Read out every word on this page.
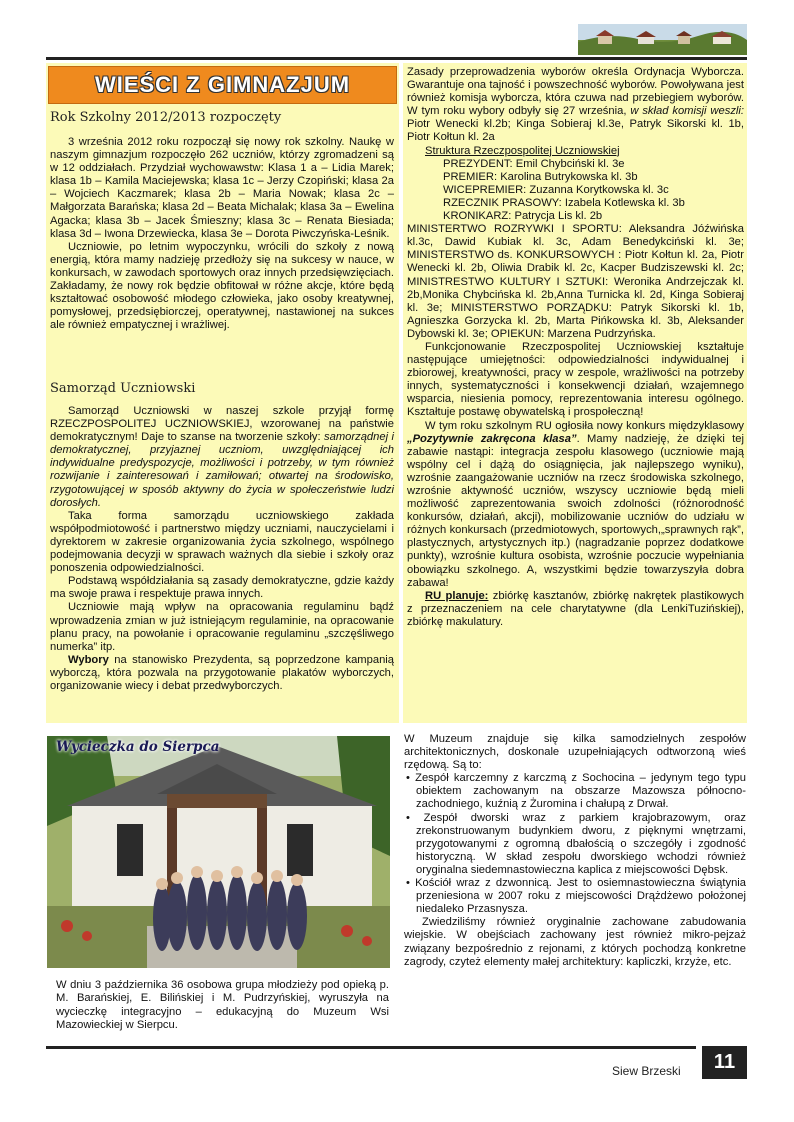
WIEŚCI Z GIMNAZJUM
Rok Szkolny 2012/2013 rozpoczęty

3 września 2012 roku rozpoczął się nowy rok szkolny. Naukę w naszym gimnazjum rozpoczęło 262 uczniów, którzy zgromadzeni są w 12 oddziałach. Przydział wychowawstw: Klasa 1 a – Lidia Marek; klasa 1b – Kamila Maciejewska; klasa 1c – Jerzy Czopiński; klasa 2a – Wojciech Kaczmarek; klasa 2b – Maria Nowak; klasa 2c – Małgorzata Barańska; klasa 2d – Beata Michalak; klasa 3a – Ewelina Agacka; klasa 3b – Jacek Śmieszny; klasa 3c – Renata Biesiada; klasa 3d – Iwona Drzewiecka, klasa 3e – Dorota Piwczyńska-Leśnik.

Uczniowie, po letnim wypoczynku, wrócili do szkoły z nową energią, która mamy nadzieję przedłoży się na sukcesy w nauce, w konkursach, w zawodach sportowych oraz innych przedsięwzięciach. Zakładamy, że nowy rok będzie obfitował w różne akcje, które będą kształtować osobowość młodego człowieka, jako osoby kreatywnej, pomysłowej, przedsiębiorczej, operatywnej, nastawionej na sukces ale również empatycznej i wrażliwej.

Samorząd Uczniowski

Samorząd Uczniowski w naszej szkole przyjął formę RZECZPOSPOLITEJ UCZNIOWSKIEJ, wzorowanej na państwie demokratycznym! Daje to szanse na tworzenie szkoły: samorządnej i demokratycznej, przyjaznej uczniom, uwzględniającej ich indywidualne predyspozycje, możliwości i potrzeby, w tym również rozwijanie i zainteresowań i zamiłowań; otwartej na środowisko, rzygotowującej w sposób aktywny do życia w społeczeństwie ludzi dorosłych.

Taka forma samorządu uczniowskiego zakłada współpodmiotowość i partnerstwo między uczniami, nauczycielami i dyrektorem w zakresie organizowania życia szkolnego, wspólnego podejmowania decyzji w sprawach ważnych dla siebie i szkoły oraz ponoszenia odpowiedzialności.

Podstawą współdziałania są zasady demokratyczne, gdzie każdy ma swoje prawa i respektuje prawa innych.

Uczniowie mają wpływ na opracowania regulaminu bądź wprowadzenia zmian w już istniejącym regulaminie, na opracowanie planu pracy, na powołanie i opracowanie regulaminu „szczęśliwego numerka” itp.

Wybory na stanowisko Prezydenta, są poprzedzone kampanią wyborczą, która pozwala na przygotowanie plakatów wyborczych, organizowanie wiecy i debat przedwyborczych.

Zasady przeprowadzenia wyborów określa Ordynacja Wyborcza. Gwarantuje ona tajność i powszechność wyborów. Powoływana jest również komisja wyborcza, która czuwa nad przebiegiem wyborów. W tym roku wybory odbyły się 27 września, w skład komisji weszli: Piotr Wenecki kl.2b; Kinga Sobieraj kl.3e, Patryk Sikorski kl. 1b, Piotr Kołtun kl. 2a

Struktura Rzeczpospolitej Uczniowskiej

PREZYDENT: Emil Chybciński kl. 3e

PREMIER: Karolina Butrykowska kl. 3b

WICEPREMIER: Zuzanna Korytkowska kl. 3c

RZECZNIK PRASOWY: Izabela Kotlewska kl. 3b

KRONIKARZ: Patrycja Lis kl. 2b

MINISTERTWO ROZRYWKI I SPORTU: Aleksandra Jóźwińska kl.3c, Dawid Kubiak kl. 3c, Adam Benedykciński kl. 3e; MINISTERSTWO ds. KONKURSOWYCH : Piotr Kołtun kl. 2a, Piotr Wenecki kl. 2b, Oliwia Drabik kl. 2c, Kacper Budziszewski kl. 2c; MINISTRESTWO KULTURY I SZTUKI: Weronika Andrzejczak kl. 2b,Monika Chybcińska kl. 2b,Anna Turnicka kl. 2d, Kinga Sobieraj kl. 3e; MINISTERSTWO PORZĄDKU: Patryk Sikorski kl. 1b, Agnieszka Gorzycka kl. 2b, Marta Pińkowska kl. 3b, Aleksander Dybowski kl. 3e; OPIEKUN: Marzena Pudrzyńska.

Funkcjonowanie Rzeczpospolitej Uczniowskiej kształtuje następujące umiejętności: odpowiedzialności indywidualnej i zbiorowej, kreatywności, pracy w zespole, wrażliwości na potrzeby innych, systematyczności i konsekwencji działań, wzajemnego wsparcia, niesienia pomocy, reprezentowania interesu ogólnego. Kształtuje postawę obywatelską i prospołeczną!

W tym roku szkolnym RU ogłosiła nowy konkurs międzyklasowy „Pozytywnie zakręcona klasa”. Mamy nadzieję, że dzięki tej zabawie nastąpi: integracja zespołu klasowego (uczniowie mają wspólny cel i dążą do osiągnięcia, jak najlepszego wyniku), wzrośnie zaangażowanie uczniów na rzecz środowiska szkolnego, wzrośnie aktywność uczniów, wszyscy uczniowie będą mieli możliwość zaprezentowania swoich zdolności (różnorodność konkursów, działań, akcji), mobilizowanie uczniów do udziału w różnych konkursach (przedmiotowych, sportowych,„sprawnych rąk”, plastycznych, artystycznych itp.) (nagradzanie poprzez dodatkowe punkty), wzrośnie kultura osobista, wzrośnie poczucie wypełniania obowiązku szkolnego. A, wszystkimi będzie towarzyszyła dobra zabawa!

RU planuje: zbiórkę kasztanów, zbiórkę nakrętek plastikowych z przeznaczeniem na cele charytatywne (dla LenkiTuzińskiej), zbiórkę makulatury.

Wycieczka do Sierpca
W dniu 3 października 36 osobowa grupa młodzieży pod opieką p. M. Barańskiej, E. Bilińskiej i M. Pudrzyńskiej, wyruszyła na wycieczkę integracyjno – edukacyjną do Muzeum Wsi Mazowieckiej w Sierpcu.

W Muzeum znajduje się kilka samodzielnych zespołów architektonicznych, doskonale uzupełniających odtworzoną wieś rzędową. Są to:

• Zespół karczemny z karczmą z Sochocina – jedynym tego typu obiektem zachowanym na obszarze Mazowsza północno-zachodniego, kuźnią z Żuromina i chałupą z Drwał.

• Zespół dworski wraz z parkiem krajobrazowym, oraz zrekonstruowanym budynkiem dworu, z pięknymi wnętrzami, przygotowanymi z ogromną dbałością o szczegóły i zgodność historyczną. W skład zespołu dworskiego wchodzi również oryginalna siedemnastowieczna kaplica z miejscowości Dębsk.

• Kościół wraz z dzwonnicą. Jest to osiemnastowieczna świątynia przeniesiona w 2007 roku z miejscowości Drążdżewo położonej niedaleko Przasnysza.

Zwiedziliśmy również oryginalnie zachowane zabudowania wiejskie. W obejściach zachowany jest również mikro-pejzaż związany bezpośrednio z rejonami, z których pochodzą konkretne zagrody, czyteż elementy małej architektury: kapliczki, krzyże, etc.

Siew Brzeski	11
